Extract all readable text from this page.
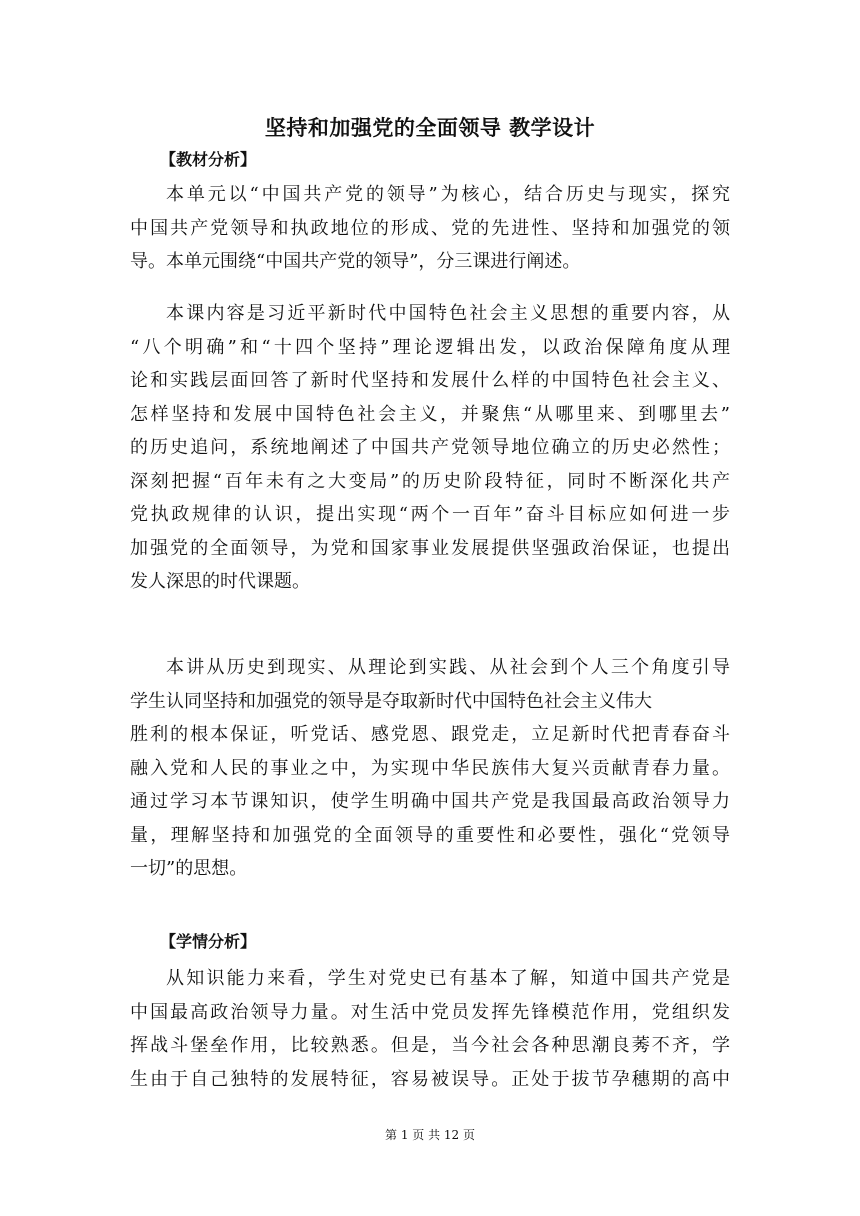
坚持和加强党的全面领导 教学设计
【教材分析】
本单元以“中国共产党的领导”为核心，结合历史与现实，探究
中国共产党领导和执政地位的形成、党的先进性、坚持和加强党的领
导。本单元围绕“中国共产党的领导”，分三课进行阐述。
本课内容是习近平新时代中国特色社会主义思想的重要内容，从
“八个明确”和“十四个坚持”理论逻辑出发，以政治保障角度从理
论和实践层面回答了新时代坚持和发展什么样的中国特色社会主义、
怎样坚持和发展中国特色社会主义，并聚焦“从哪里来、到哪里去”
的历史追问，系统地阐述了中国共产党领导地位确立的历史必然性；
深刻把握“百年未有之大变局”的历史阶段特征，同时不断深化共产
党执政规律的认识，提出实现“两个一百年”奋斗目标应如何进一步
加强党的全面领导，为党和国家事业发展提供坚强政治保证，也提出
发人深思的时代课题。
本讲从历史到现实、从理论到实践、从社会到个人三个角度引导
学生认同坚持和加强党的领导是夺取新时代中国特色社会主义伟大
胜利的根本保证，听党话、感党恩、跟党走，立足新时代把青春奋斗
融入党和人民的事业之中，为实现中华民族伟大复兴贡献青春力量。
通过学习本节课知识，使学生明确中国共产党是我国最高政治领导力
量，理解坚持和加强党的全面领导的重要性和必要性，强化“党领导
一切”的思想。
【学情分析】
从知识能力来看，学生对党史已有基本了解，知道中国共产党是
中国最高政治领导力量。对生活中党员发挥先锋模范作用，党组织发
挥战斗堡垒作用，比较熟悉。但是，当今社会各种思潮良莠不齐，学
生由于自己独特的发展特征，容易被误导。正处于拔节孕穗期的高中
第 1 页 共 12 页
